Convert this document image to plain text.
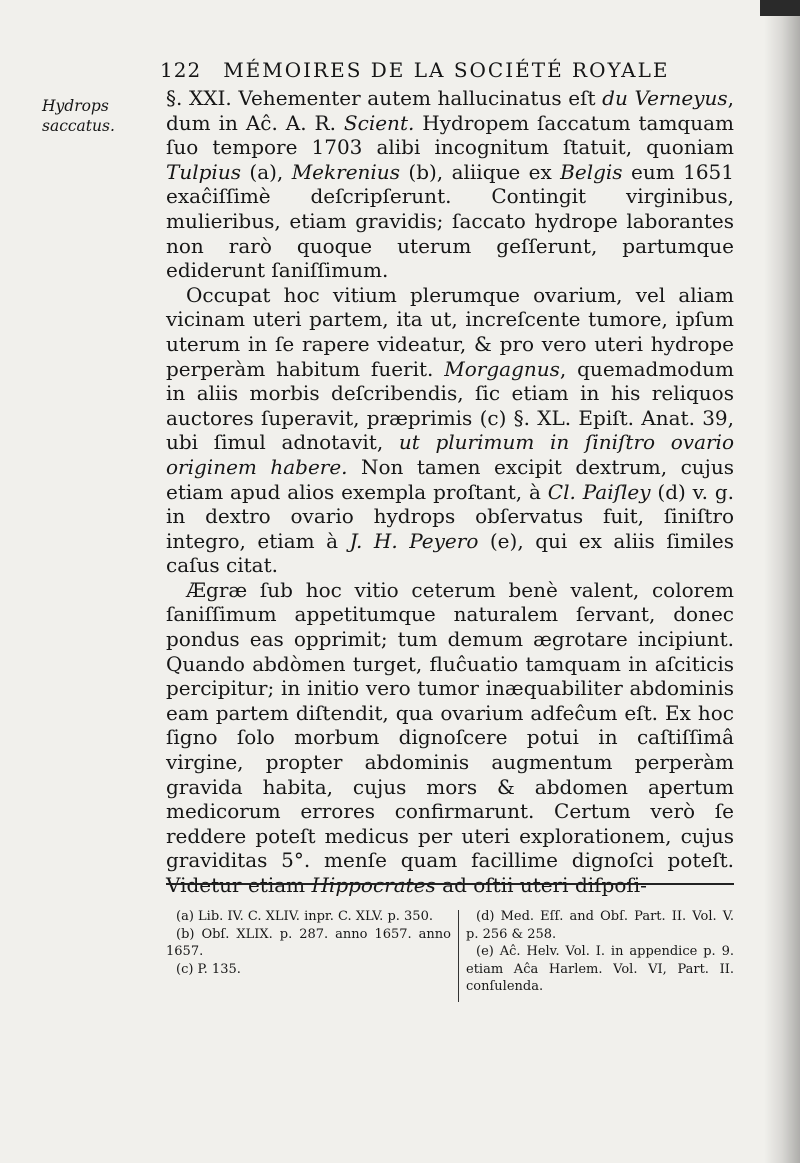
122 MÉMOIRES DE LA SOCIÉTÉ ROYALE
Hydrops saccatus.

§. XXI. Vehementer autem hallucinatus eſt du Verneyus, dum in Aĉ. A. R. Scient. Hydropem ſaccatum tamquam ſuo tempore 1703 alibi incognitum ſtatuit, quoniam Tulpius (a), Mekrenius (b), aliique ex Belgis eum 1651 exaĉiſſimè deſcripſerunt. Contingit virginibus, mulieribus, etiam gravidis; ſaccato hydrope laborantes non rarò quoque uterum geſſerunt, partumque ediderunt ſaniſſimum.

Occupat hoc vitium plerumque ovarium, vel aliam vicinam uteri partem, ita ut, increſcente tumore, ipſum uterum in ſe rapere videatur, & pro vero uteri hydrope perperàm habitum fuerit. Morgagnus, quemadmodum in aliis morbis deſcribendis, ſic etiam in his reliquos auctores ſuperavit, præprimis (c) §. XL. Epiſt. Anat. 39, ubi ſimul adnotavit, ut plurimum in ſiniſtro ovario originem habere. Non tamen excipit dextrum, cujus etiam apud alios exempla proſtant, à Cl. Paiſley (d) v. g. in dextro ovario hydrops obſervatus fuit, ſiniſtro integro, etiam à J. H. Peyero (e), qui ex aliis ſimiles caſus citat.

Ægræ ſub hoc vitio ceterum benè valent, colorem ſaniſſimum appetitumque naturalem ſervant, donec pondus eas opprimit; tum demum ægrotare incipiunt. Quando abdòmen turget, fluĉuatio tamquam in aſciticis percipitur; in initio vero tumor inæquabiliter abdominis eam partem diſtendit, qua ovarium adfeĉum eſt. Ex hoc ſigno ſolo morbum dignoſcere potui in caſtiſſimâ virgine, propter abdominis augmentum perperàm gravida habita, cujus mors & abdomen apertum medicorum errores confirmarunt. Certum verò ſe reddere poteſt medicus per uteri explorationem, cujus graviditas 5°. menſe quam facillime dignoſci poteſt. Videtur etiam Hippocrates ad oſtii uteri diſpoſi-

(a) Lib. IV. C. XLIV. inpr. C. XLV. p. 350.

(b) Obſ. XLIX. p. 287. anno 1657. anno 1657.

(c) P. 135.

(d) Med. Eſſ. and Obſ. Part. II. Vol. V. p. 256 & 258.

(e) Aĉ. Helv. Vol. I. in appendice p. 9. etiam Aĉa Harlem. Vol. VI, Part. II. conſulenda.
